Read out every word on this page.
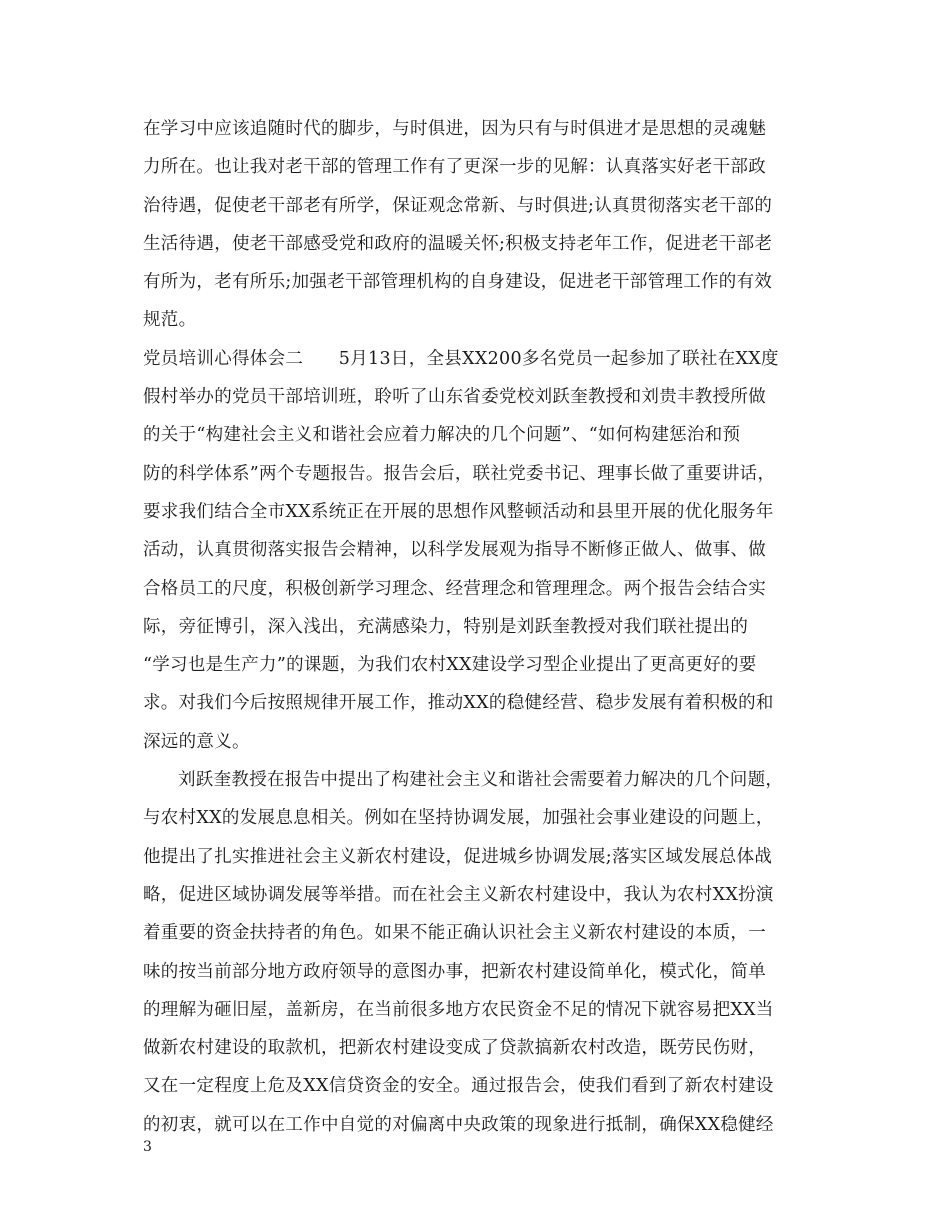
在学习中应该追随时代的脚步，与时俱进，因为只有与时俱进才是思想的灵魂魅
力所在。也让我对老干部的管理工作有了更深一步的见解：认真落实好老干部政
治待遇，促使老干部老有所学，保证观念常新、与时俱进;认真贯彻落实老干部的
生活待遇，使老干部感受党和政府的温暖关怀;积极支持老年工作，促进老干部老
有所为，老有所乐;加强老干部管理机构的自身建设，促进老干部管理工作的有效
规范。
党员培训心得体会二　　5月13日，全县XX200多名党员一起参加了联社在XX度
假村举办的党员干部培训班，聆听了山东省委党校刘跃奎教授和刘贵丰教授所做
的关于“构建社会主义和谐社会应着力解决的几个问题”、“如何构建惩治和预
防的科学体系”两个专题报告。报告会后，联社党委书记、理事长做了重要讲话，
要求我们结合全市XX系统正在开展的思想作风整顿活动和县里开展的优化服务年
活动，认真贯彻落实报告会精神，以科学发展观为指导不断修正做人、做事、做
合格员工的尺度，积极创新学习理念、经营理念和管理理念。两个报告会结合实
际，旁征博引，深入浅出，充满感染力，特别是刘跃奎教授对我们联社提出的
“学习也是生产力”的课题，为我们农村XX建设学习型企业提出了更高更好的要
求。对我们今后按照规律开展工作，推动XX的稳健经营、稳步发展有着积极的和
深远的意义。
刘跃奎教授在报告中提出了构建社会主义和谐社会需要着力解决的几个问题，
与农村XX的发展息息相关。例如在坚持协调发展，加强社会事业建设的问题上，
他提出了扎实推进社会主义新农村建设，促进城乡协调发展;落实区域发展总体战
略，促进区域协调发展等举措。而在社会主义新农村建设中，我认为农村XX扮演
着重要的资金扶持者的角色。如果不能正确认识社会主义新农村建设的本质，一
味的按当前部分地方政府领导的意图办事，把新农村建设简单化，模式化，简单
的理解为砸旧屋，盖新房，在当前很多地方农民资金不足的情况下就容易把XX当
做新农村建设的取款机，把新农村建设变成了贷款搞新农村改造，既劳民伤财，
又在一定程度上危及XX信贷资金的安全。通过报告会，使我们看到了新农村建设
的初衷，就可以在工作中自觉的对偏离中央政策的现象进行抵制，确保XX稳健经
3
